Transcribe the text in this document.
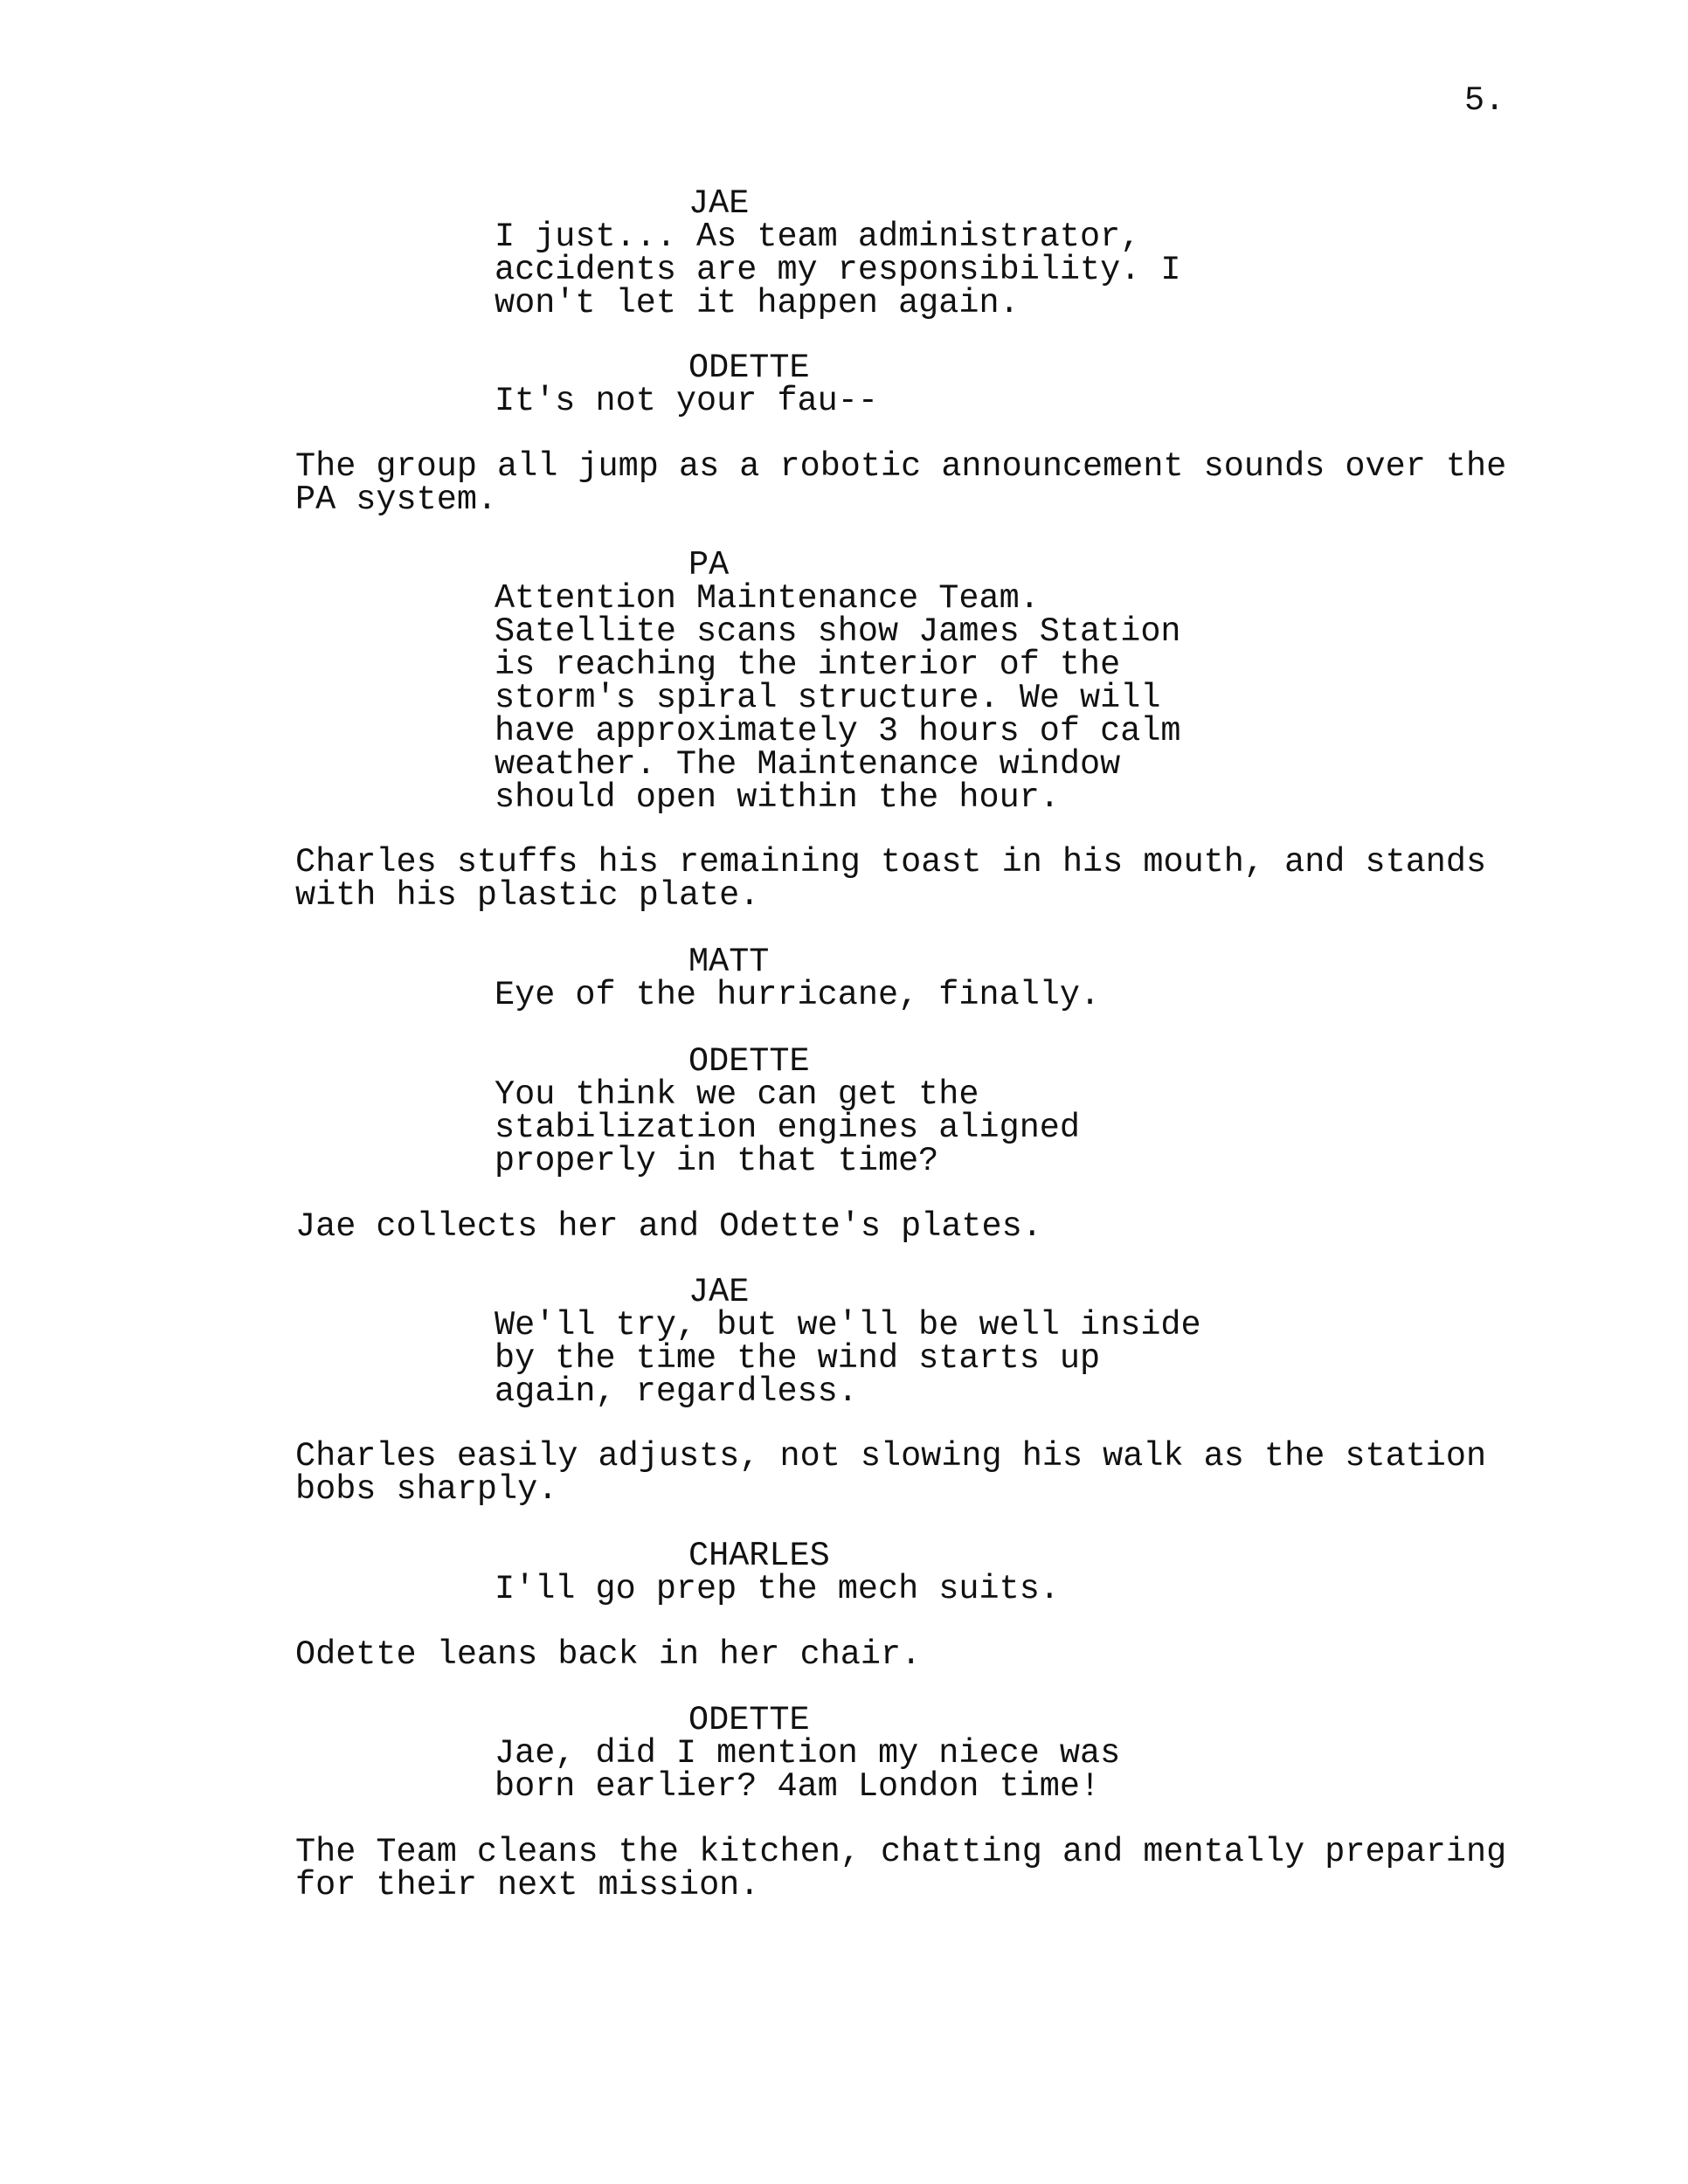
5.
JAE
I just... As team administrator,
accidents are my responsibility. I
won't let it happen again.
ODETTE
It's not your fau--
The group all jump as a robotic announcement sounds over the
PA system.
PA
Attention Maintenance Team.
Satellite scans show James Station
is reaching the interior of the
storm's spiral structure. We will
have approximately 3 hours of calm
weather. The Maintenance window
should open within the hour.
Charles stuffs his remaining toast in his mouth, and stands
with his plastic plate.
MATT
Eye of the hurricane, finally.
ODETTE
You think we can get the
stabilization engines aligned
properly in that time?
Jae collects her and Odette's plates.
JAE
We'll try, but we'll be well inside
by the time the wind starts up
again, regardless.
Charles easily adjusts, not slowing his walk as the station
bobs sharply.
CHARLES
I'll go prep the mech suits.
Odette leans back in her chair.
ODETTE
Jae, did I mention my niece was
born earlier? 4am London time!
The Team cleans the kitchen, chatting and mentally preparing
for their next mission.
